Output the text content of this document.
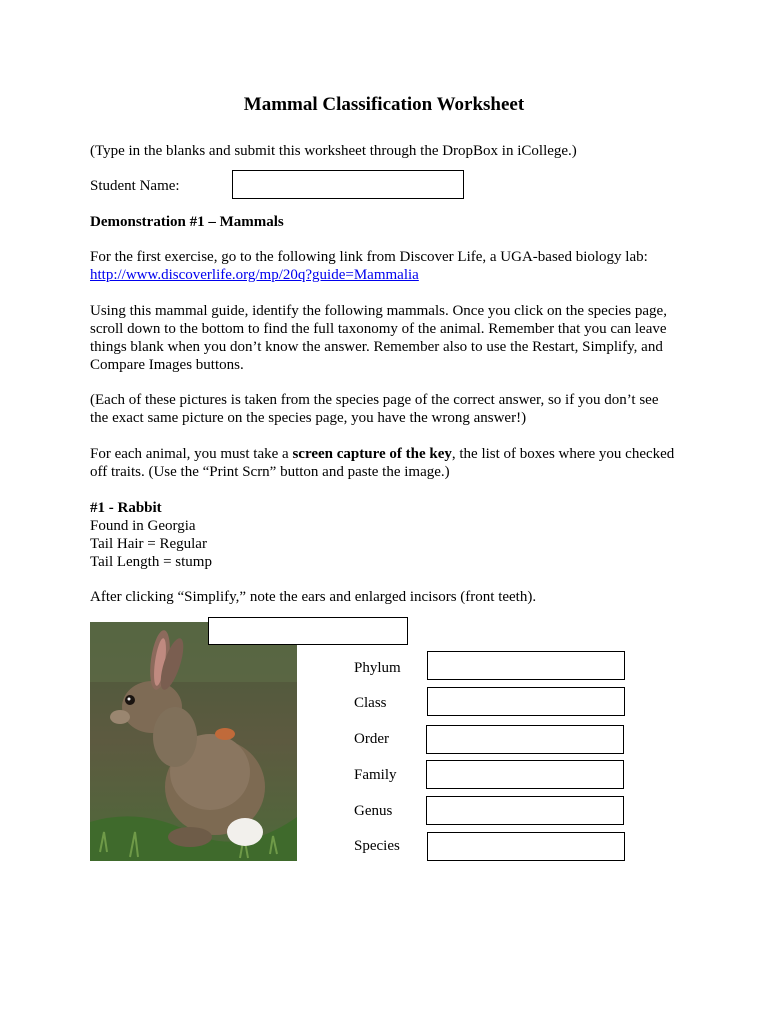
Mammal Classification Worksheet
(Type in the blanks and submit this worksheet through the DropBox in iCollege.)
Student Name:
Demonstration #1 – Mammals
For the first exercise, go to the following link from Discover Life, a UGA-based biology lab:
http://www.discoverlife.org/mp/20q?guide=Mammalia
Using this mammal guide, identify the following mammals. Once you click on the species page,
scroll down to the bottom to find the full taxonomy of the animal. Remember that you can leave
things blank when you don’t know the answer. Remember also to use the Restart, Simplify, and
Compare Images buttons.
(Each of these pictures is taken from the species page of the correct answer, so if you don’t see
the exact same picture on the species page, you have the wrong answer!)
For each animal, you must take a screen capture of the key, the list of boxes where you checked
off traits. (Use the “Print Scrn” button and paste the image.)
#1 - Rabbit
Found in Georgia
Tail Hair = Regular
Tail Length = stump
After clicking “Simplify,” note the ears and enlarged incisors (front teeth).
Phylum
Class
Order
Family
Genus
Species
